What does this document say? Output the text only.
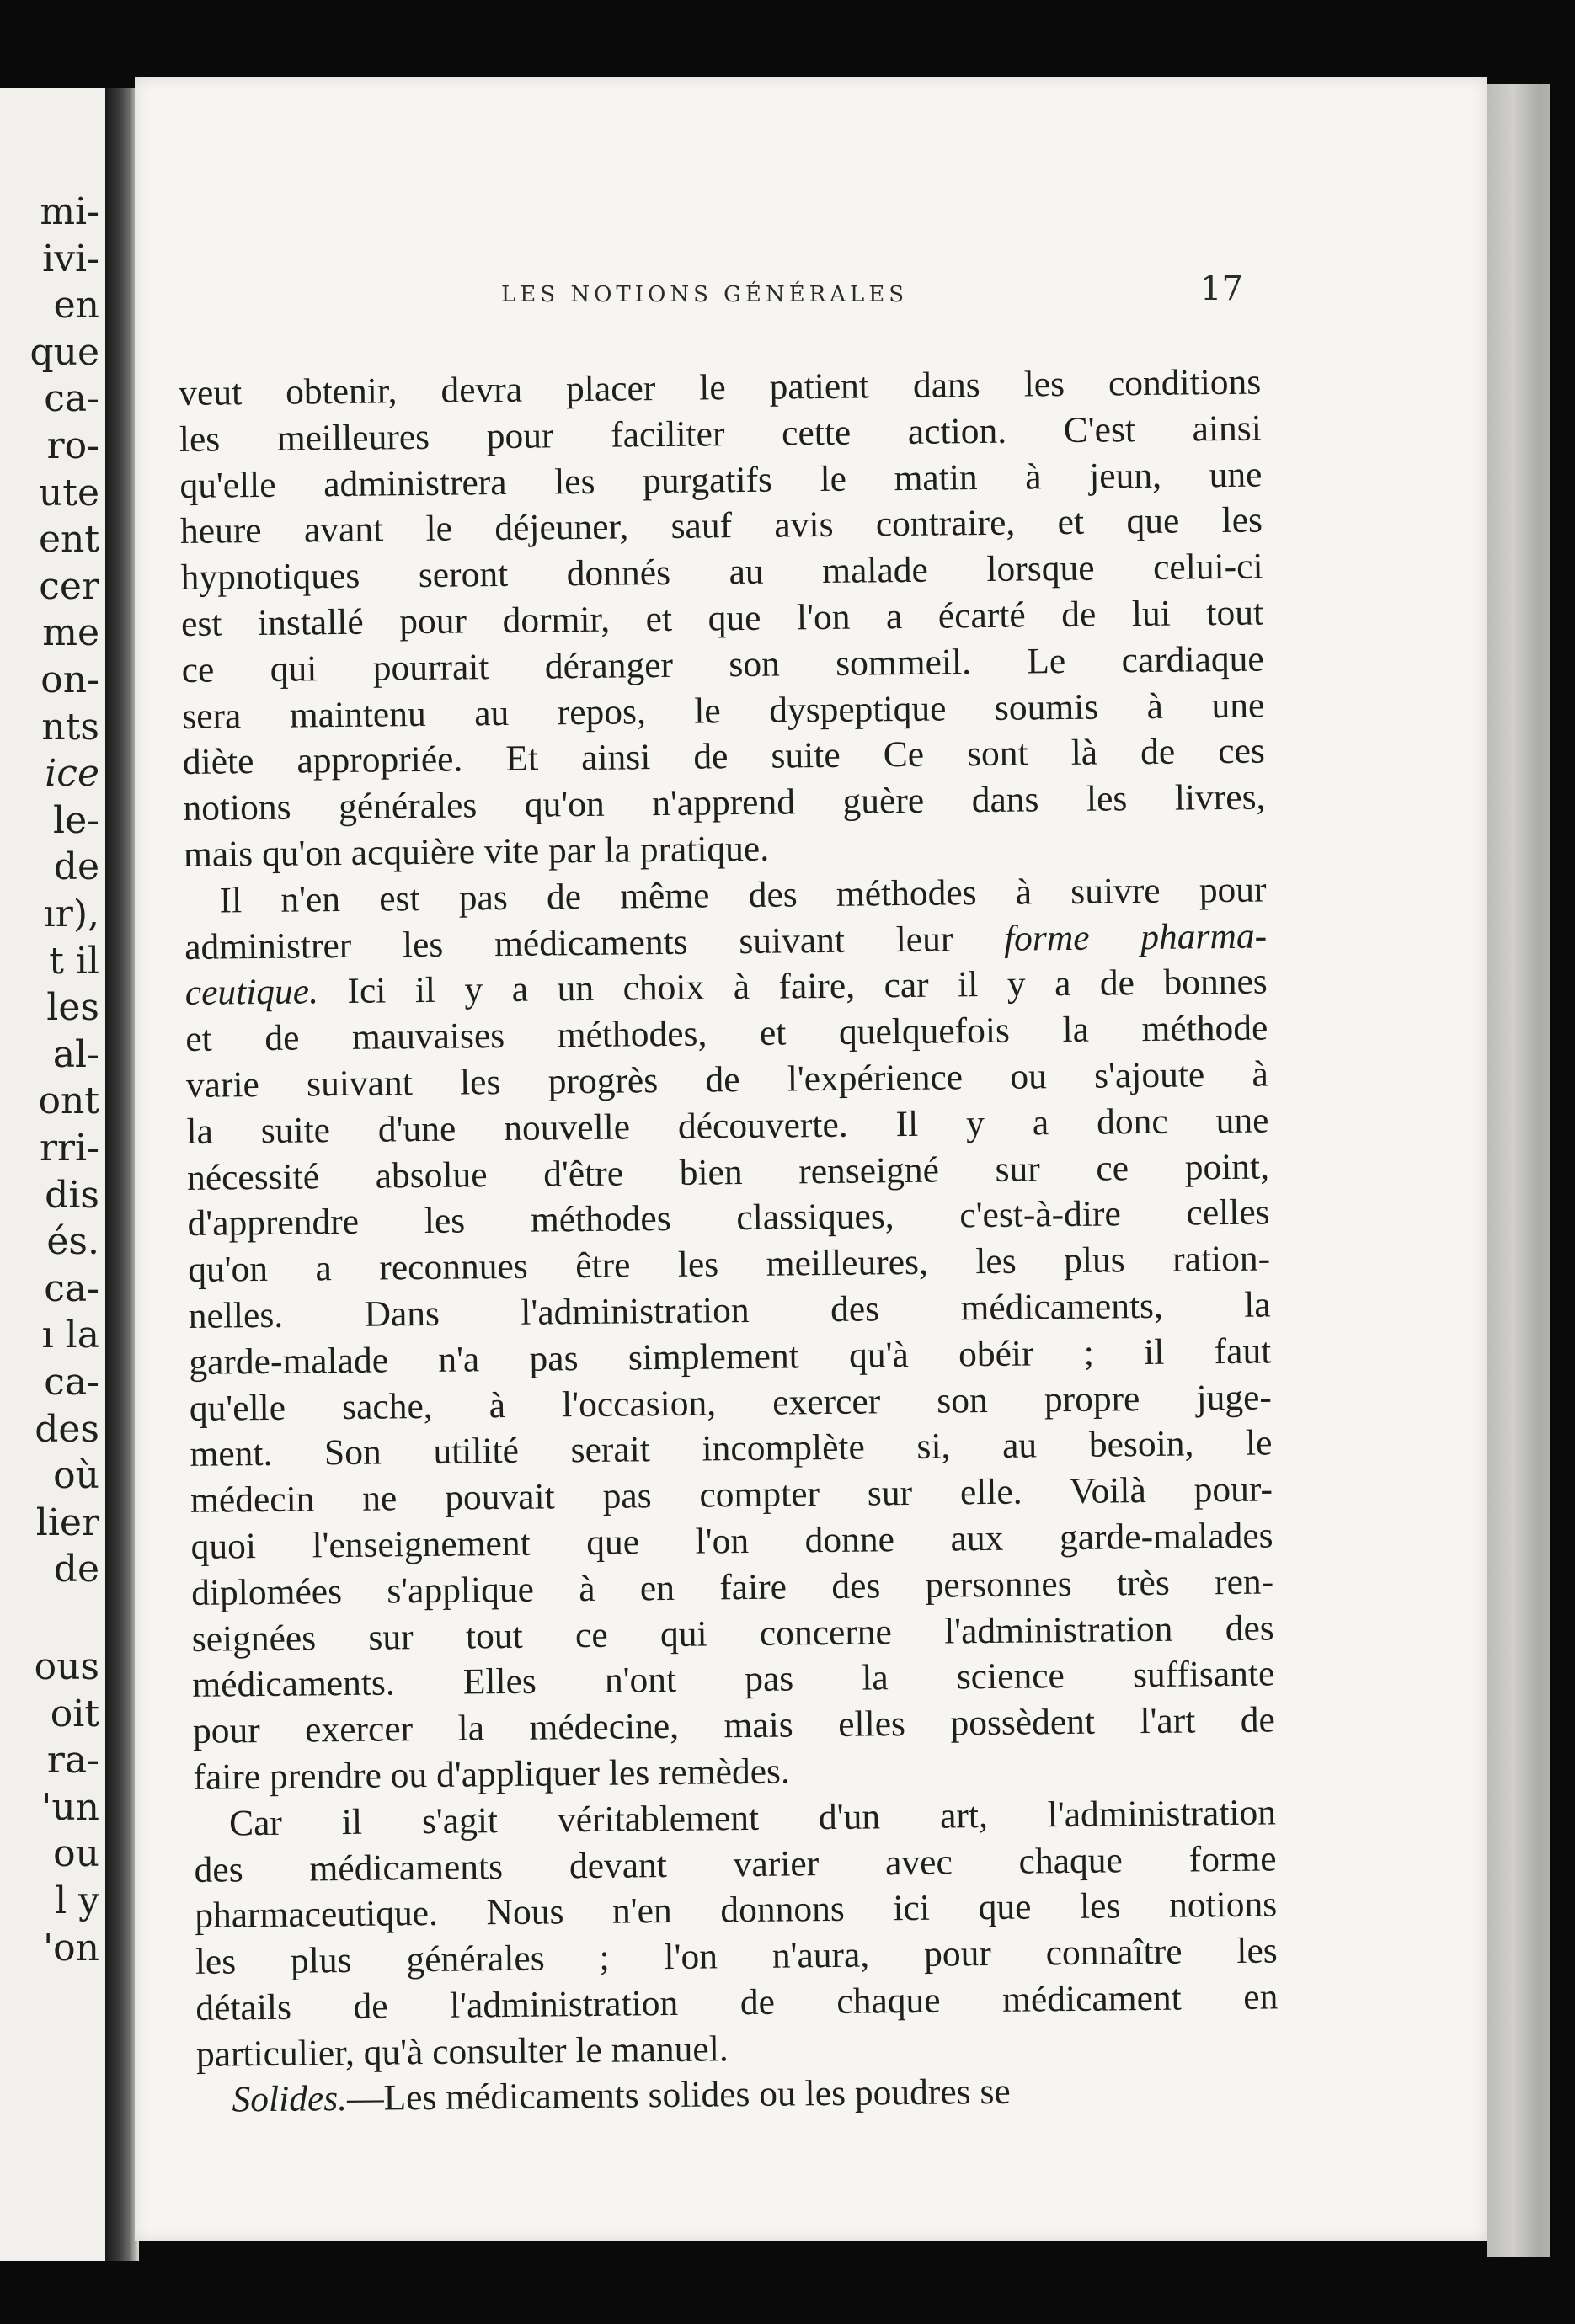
mi-
ivi-
en
que
ca-
ro-
ute
ent
cer
me
on-
nts
ice
le-
de
ır),
t il
les
al-
ont
rri-
dis
és.
ca-
ı la
ca-
des
où
lier
de
ous
oit
ra-
'un
ou
l y
'on
LES NOTIONS GÉNÉRALES	17
veut obtenir, devra placer le patient dans les conditions
les meilleures pour faciliter cette action. C'est ainsi
qu'elle administrera les purgatifs le matin à jeun, une
heure avant le déjeuner, sauf avis contraire, et que les
hypnotiques seront donnés au malade lorsque celui-ci
est installé pour dormir, et que l'on a écarté de lui tout
ce qui pourrait déranger son sommeil. Le cardiaque
sera maintenu au repos, le dyspeptique soumis à une
diète appropriée. Et ainsi de suite Ce sont là de ces
notions générales qu'on n'apprend guère dans les livres,
mais qu'on acquière vite par la pratique.
Il n'en est pas de même des méthodes à suivre pour
administrer les médicaments suivant leur forme pharma-
ceutique. Ici il y a un choix à faire, car il y a de bonnes
et de mauvaises méthodes, et quelquefois la méthode
varie suivant les progrès de l'expérience ou s'ajoute à
la suite d'une nouvelle découverte. Il y a donc une
nécessité absolue d'être bien renseigné sur ce point,
d'apprendre les méthodes classiques, c'est-à-dire celles
qu'on a reconnues être les meilleures, les plus ration-
nelles. Dans l'administration des médicaments, la
garde-malade n'a pas simplement qu'à obéir ; il faut
qu'elle sache, à l'occasion, exercer son propre juge-
ment. Son utilité serait incomplète si, au besoin, le
médecin ne pouvait pas compter sur elle. Voilà pour-
quoi l'enseignement que l'on donne aux garde-malades
diplomées s'applique à en faire des personnes très ren-
seignées sur tout ce qui concerne l'administration des
médicaments. Elles n'ont pas la science suffisante
pour exercer la médecine, mais elles possèdent l'art de
faire prendre ou d'appliquer les remèdes.
Car il s'agit véritablement d'un art, l'administration
des médicaments devant varier avec chaque forme
pharmaceutique. Nous n'en donnons ici que les notions
les plus générales ; l'on n'aura, pour connaître les
détails de l'administration de chaque médicament en
particulier, qu'à consulter le manuel.
Solides.—Les médicaments solides ou les poudres se
